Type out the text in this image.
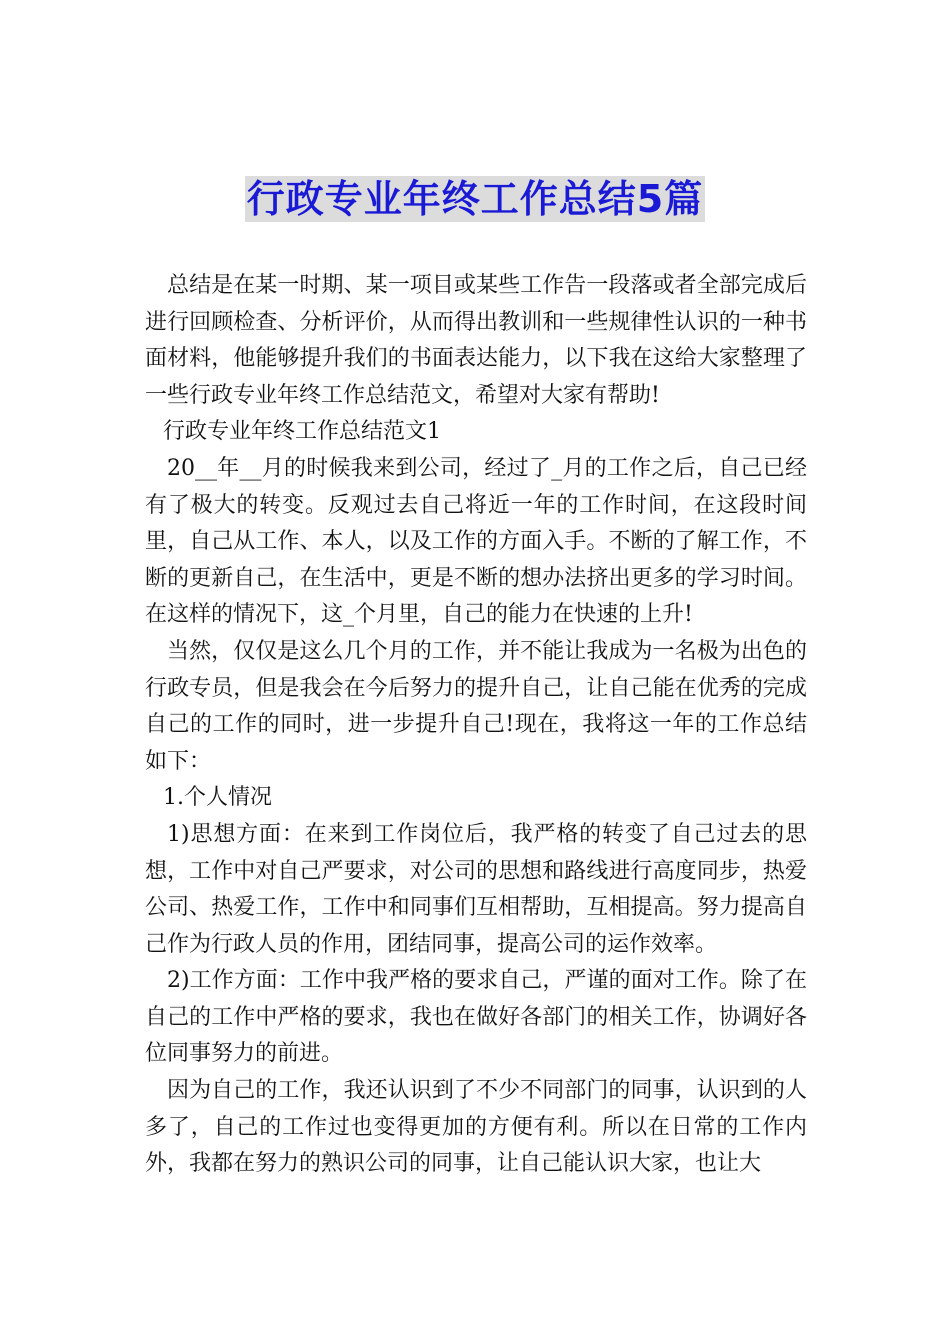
行政专业年终工作总结5篇

总结是在某一时期、某一项目或某些工作告一段落或者全部完成后进行回顾检查、分析评价，从而得出教训和一些规律性认识的一种书面材料，他能够提升我们的书面表达能力，以下我在这给大家整理了一些行政专业年终工作总结范文，希望对大家有帮助!

行政专业年终工作总结范文1

20__年__月的时候我来到公司，经过了_月的工作之后，自己已经有了极大的转变。反观过去自己将近一年的工作时间，在这段时间里，自己从工作、本人，以及工作的方面入手。不断的了解工作，不断的更新自己，在生活中，更是不断的想办法挤出更多的学习时间。在这样的情况下，这_个月里，自己的能力在快速的上升!

当然，仅仅是这么几个月的工作，并不能让我成为一名极为出色的行政专员，但是我会在今后努力的提升自己，让自己能在优秀的完成自己的工作的同时，进一步提升自己!现在，我将这一年的工作总结如下：

1.个人情况

1)思想方面：在来到工作岗位后，我严格的转变了自己过去的思想，工作中对自己严要求，对公司的思想和路线进行高度同步，热爱公司、热爱工作，工作中和同事们互相帮助，互相提高。努力提高自己作为行政人员的作用，团结同事，提高公司的运作效率。

2)工作方面：工作中我严格的要求自己，严谨的面对工作。除了在自己的工作中严格的要求，我也在做好各部门的相关工作，协调好各位同事努力的前进。

因为自己的工作，我还认识到了不少不同部门的同事，认识到的人多了，自己的工作过也变得更加的方便有利。所以在日常的工作内外，我都在努力的熟识公司的同事，让自己能认识大家，也让大
